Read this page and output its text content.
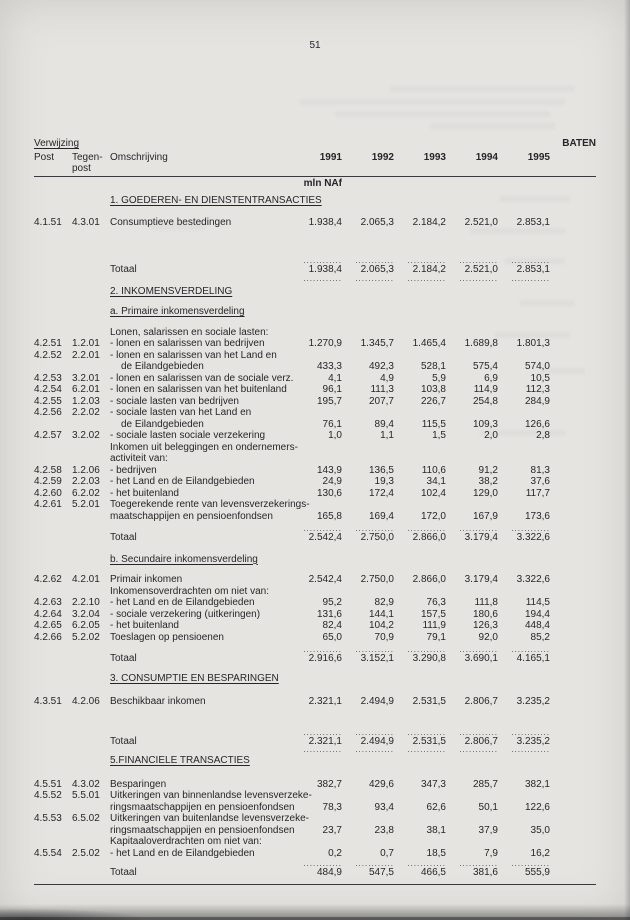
51
Verwijzing	BATEN
Post	Tegen-
post
Omschrijving	1991	1992	1993	1994	1995
mln NAf
1. GOEDEREN- EN DIENSTENTRANSACTIES
4.1.51	4.3.01	Consumptieve bestedingen	1.938,4	2.065,3	2.184,2	2.521,0	2.853,1
............	............	............	............	............
Totaal	1.938,4	2.065,3	2.184,2	2.521,0	2.853,1
............	............	............	............	............
2. INKOMENSVERDELING
a. Primaire inkomensverdeling
Lonen, salarissen en sociale lasten:
4.2.51	1.2.01	- lonen en salarissen van bedrijven	1.270,9	1.345,7	1.465,4	1.689,8	1.801,3
4.2.52	2.2.01	- lonen en salarissen van het Land en
de Eilandgebieden	433,3	492,3	528,1	575,4	574,0
4.2.53	3.2.01	- lonen en salarissen van de sociale verz.	4,1	4,9	5,9	6,9	10,5
4.2.54	6.2.01	- lonen en salarissen van het buitenland	96,1	111,3	103,8	114,9	112,3
4.2.55	1.2.03	- sociale lasten van bedrijven	195,7	207,7	226,7	254,8	284,9
4.2.56	2.2.02	- sociale lasten van het Land en
de Eilandgebieden	76,1	89,4	115,5	109,3	126,6
4.2.57	3.2.02	- sociale lasten sociale verzekering	1,0	1,1	1,5	2,0	2,8
Inkomen uit beleggingen en ondernemers-
activiteit van:
4.2.58	1.2.06	- bedrijven	143,9	136,5	110,6	91,2	81,3
4.2.59	2.2.03	- het Land en de Eilandgebieden	24,9	19,3	34,1	38,2	37,6
4.2.60	6.2.02	- het buitenland	130,6	172,4	102,4	129,0	117,7
4.2.61	5.2.01	Toegerekende rente van levensverzekerings-
maatschappijen en pensioenfondsen	165,8	169,4	172,0	167,9	173,6
............	............	............	............	............
Totaal	2.542,4	2.750,0	2.866,0	3.179,4	3.322,6
b. Secundaire inkomensverdeling
4.2.62	4.2.01	Primair inkomen	2.542,4	2.750,0	2.866,0	3.179,4	3.322,6
Inkomensoverdrachten om niet van:
4.2.63	2.2.10	- het Land en de Eilandgebieden	95,2	82,9	76,3	111,8	114,5
4.2.64	3.2.04	- sociale verzekering (uitkeringen)	131,6	144,1	157,5	180,6	194,4
4.2.65	6.2.05	- het buitenland	82,4	104,2	111,9	126,3	448,4
4.2.66	5.2.02	Toeslagen op pensioenen	65,0	70,9	79,1	92,0	85,2
............	............	............	............	............
Totaal	2.916,6	3.152,1	3.290,8	3.690,1	4.165,1
3. CONSUMPTIE EN BESPARINGEN
4.3.51	4.2.06	Beschikbaar inkomen	2.321,1	2.494,9	2.531,5	2.806,7	3.235,2
............	............	............	............	............
Totaal	2.321,1	2.494,9	2.531,5	2.806,7	3.235,2
............	............	............	............	............
5.FINANCIELE TRANSACTIES
4.5.51	4.3.02	Besparingen	382,7	429,6	347,3	285,7	382,1
4.5.52	5.5.01	Uitkeringen van binnenlandse levensverzeke-
ringsmaatschappijen en pensioenfondsen	78,3	93,4	62,6	50,1	122,6
4.5.53	6.5.02	Uitkeringen van buitenlandse levensverzeke-
ringsmaatschappijen en pensioenfondsen	23,7	23,8	38,1	37,9	35,0
Kapitaaloverdrachten om niet van:
4.5.54	2.5.02	- het Land en de Eilandgebieden	0,2	0,7	18,5	7,9	16,2
............	............	............	............	............
Totaal	484,9	547,5	466,5	381,6	555,9
